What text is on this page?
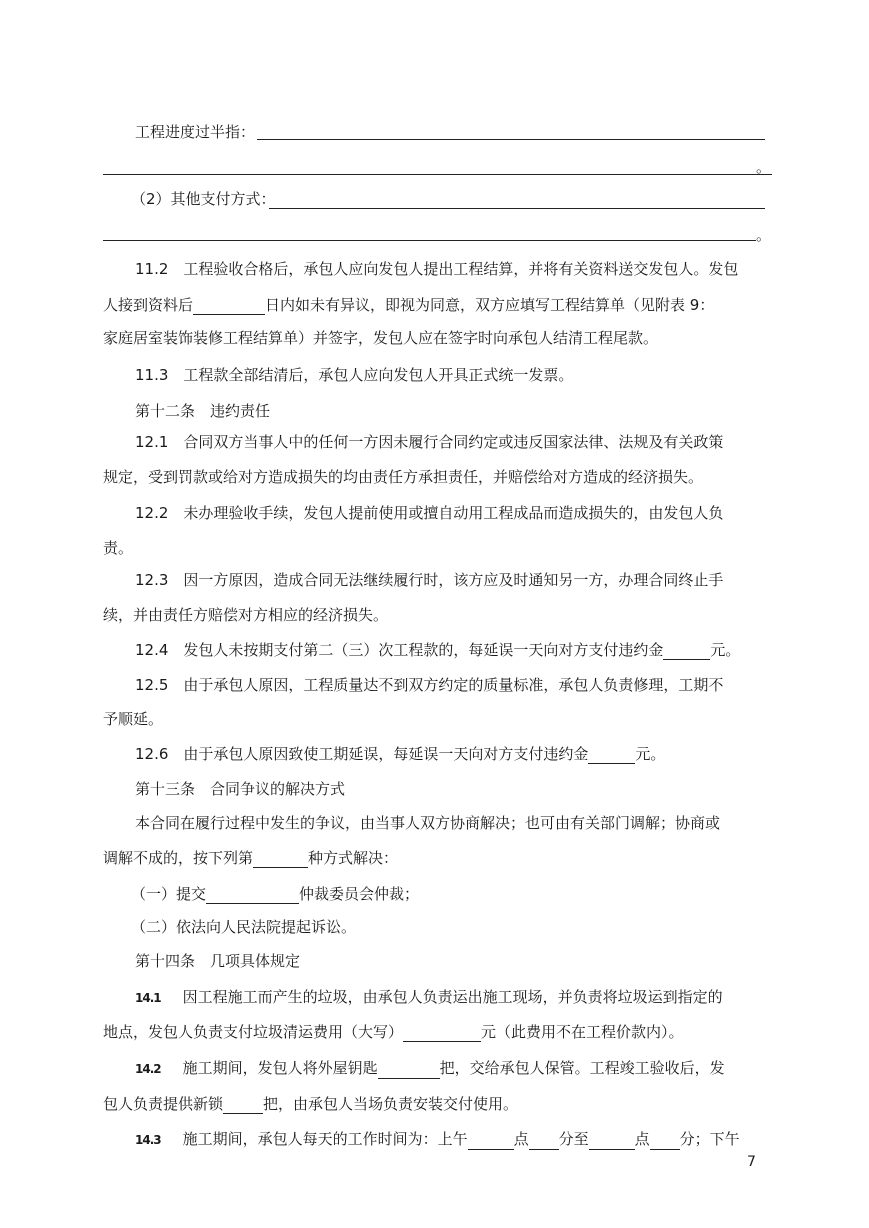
工程进度过半指：
。
（2）其他支付方式：
。
11.2　工程验收合格后，承包人应向发包人提出工程结算，并将有关资料送交发包人。发包
人接到资料后	日内如未有异议，即视为同意，双方应填写工程结算单（见附表 9：
家庭居室装饰装修工程结算单）并签字，发包人应在签字时向承包人结清工程尾款。
11.3　工程款全部结清后，承包人应向发包人开具正式统一发票。
第十二条　违约责任
12.1　合同双方当事人中的任何一方因未履行合同约定或违反国家法律、法规及有关政策
规定，受到罚款或给对方造成损失的均由责任方承担责任，并赔偿给对方造成的经济损失。
12.2　未办理验收手续，发包人提前使用或擅自动用工程成品而造成损失的，由发包人负
责。
12.3　因一方原因，造成合同无法继续履行时，该方应及时通知另一方，办理合同终止手
续，并由责任方赔偿对方相应的经济损失。
12.4　发包人未按期支付第二（三）次工程款的，每延误一天向对方支付违约金	元。
12.5　由于承包人原因，工程质量达不到双方约定的质量标准，承包人负责修理，工期不
予顺延。
12.6　由于承包人原因致使工期延误，每延误一天向对方支付违约金	元。
第十三条　合同争议的解决方式
本合同在履行过程中发生的争议，由当事人双方协商解决；也可由有关部门调解；协商或
调解不成的，按下列第	种方式解决：
（一）提交	仲裁委员会仲裁；
（二）依法向人民法院提起诉讼。
第十四条　几项具体规定
14.1 因工程施工而产生的垃圾，由承包人负责运出施工现场，并负责将垃圾运到指定的
地点，发包人负责支付垃圾清运费用（大写）	元（此费用不在工程价款内）。
14.2 施工期间，发包人将外屋钥匙	把，交给承包人保管。工程竣工验收后，发
包人负责提供新锁	把，由承包人当场负责安装交付使用。
14.3 施工期间，承包人每天的工作时间为：上午	点 分至	点 分；下午
7
